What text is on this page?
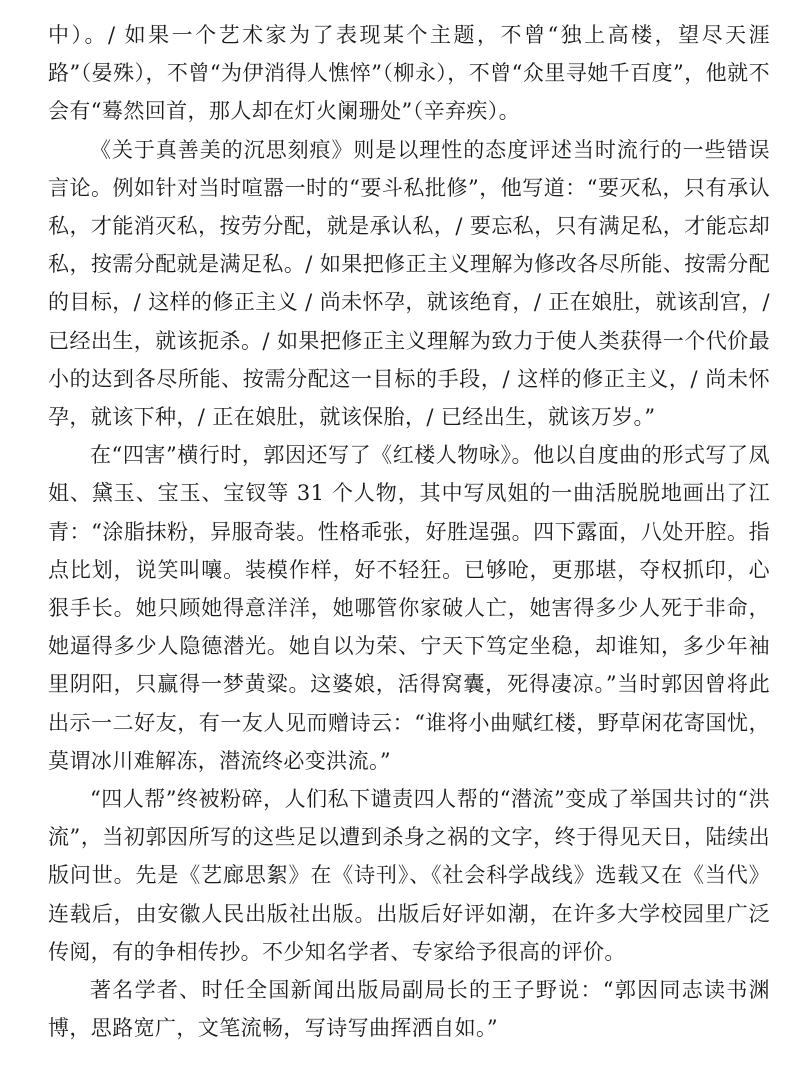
中）。/ 如果一个艺术家为了表现某个主题，不曾“独上高楼，望尽天涯路”（晏殊），不曾“为伊消得人憔悴”（柳永），不曾“众里寻她千百度”，他就不会有“蓦然回首，那人却在灯火阑珊处”（辛弃疾）。

《关于真善美的沉思刻痕》则是以理性的态度评述当时流行的一些错误言论。例如针对当时喧嚣一时的“要斗私批修”，他写道：“要灭私，只有承认私，才能消灭私，按劳分配，就是承认私，/ 要忘私，只有满足私，才能忘却私，按需分配就是满足私。/ 如果把修正主义理解为修改各尽所能、按需分配的目标，/ 这样的修正主义 / 尚未怀孕，就该绝育，/ 正在娘肚，就该刮宫，/ 已经出生，就该扼杀。/ 如果把修正主义理解为致力于使人类获得一个代价最小的达到各尽所能、按需分配这一目标的手段，/ 这样的修正主义，/ 尚未怀孕，就该下种，/ 正在娘肚，就该保胎，/ 已经出生，就该万岁。”

在“四害”横行时，郭因还写了《红楼人物咏》。他以自度曲的形式写了凤姐、黛玉、宝玉、宝钗等 31 个人物，其中写凤姐的一曲活脱脱地画出了江青：“涂脂抹粉，异服奇装。性格乖张，好胜逞强。四下露面，八处开腔。指点比划，说笑叫嚷。装模作样，好不轻狂。已够呛，更那堪，夺权抓印，心狠手长。她只顾她得意洋洋，她哪管你家破人亡，她害得多少人死于非命，她逼得多少人隐德潜光。她自以为荣、宁天下笃定坐稳，却谁知，多少年袖里阴阳，只赢得一梦黄粱。这婆娘，活得窝囊，死得凄凉。”当时郭因曾将此出示一二好友，有一友人见而赠诗云：“谁将小曲赋红楼，野草闲花寄国忧，莫谓冰川难解冻，潜流终必变洪流。”

“四人帮”终被粉碎，人们私下谴责四人帮的“潜流”变成了举国共讨的“洪流”，当初郭因所写的这些足以遭到杀身之祸的文字，终于得见天日，陆续出版问世。先是《艺廊思絮》在《诗刊》、《社会科学战线》选载又在《当代》连载后，由安徽人民出版社出版。出版后好评如潮，在许多大学校园里广泛传阅，有的争相传抄。不少知名学者、专家给予很高的评价。

著名学者、时任全国新闻出版局副局长的王子野说：“郭因同志读书渊博，思路宽广，文笔流畅，写诗写曲挥洒自如。”
